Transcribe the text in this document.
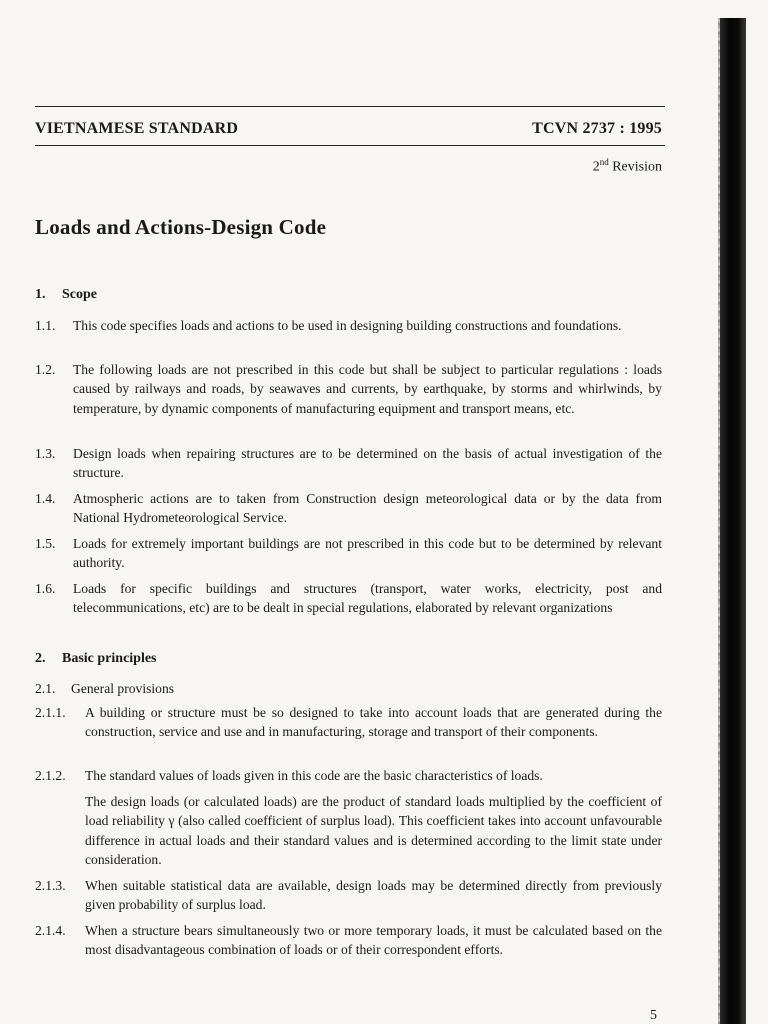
VIETNAMESE STANDARD	TCVN 2737 : 1995
2nd Revision
Loads and Actions-Design Code
1. Scope
1.1. This code specifies loads and actions to be used in designing building constructions and foundations.
1.2. The following loads are not prescribed in this code but shall be subject to particular regulations : loads caused by railways and roads, by seawaves and currents, by earthquake, by storms and whirlwinds, by temperature, by dynamic components of manufacturing equipment and transport means, etc.
1.3. Design loads when repairing structures are to be determined on the basis of actual investigation of the structure.
1.4. Atmospheric actions are to taken from Construction design meteorological data or by the data from National Hydrometeorological Service.
1.5. Loads for extremely important buildings are not prescribed in this code but to be determined by relevant authority.
1.6. Loads for specific buildings and structures (transport, water works, electricity, post and telecommunications, etc) are to be dealt in special regulations, elaborated by relevant organizations
2. Basic principles
2.1. General provisions
2.1.1. A building or structure must be so designed to take into account loads that are generated during the construction, service and use and in manufacturing, storage and transport of their components.
2.1.2. The standard values of loads given in this code are the basic characteristics of loads.
The design loads (or calculated loads) are the product of standard loads multiplied by the coefficient of load reliability γ (also called coefficient of surplus load). This coefficient takes into account unfavourable difference in actual loads and their standard values and is determined according to the limit state under consideration.
2.1.3. When suitable statistical data are available, design loads may be determined directly from previously given probability of surplus load.
2.1.4. When a structure bears simultaneously two or more temporary loads, it must be calculated based on the most disadvantageous combination of loads or of their correspondent efforts.
5
